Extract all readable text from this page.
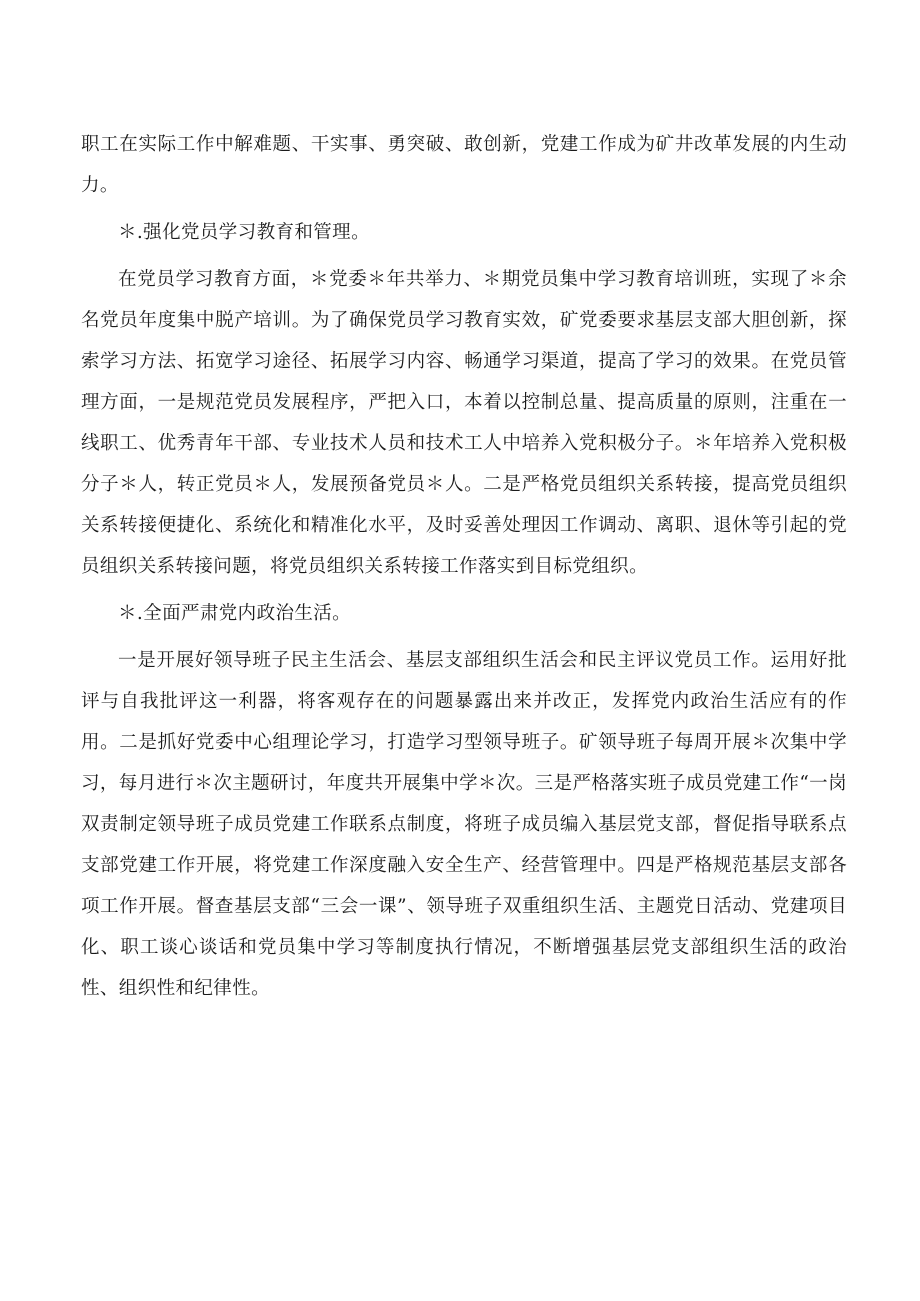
职工在实际工作中解难题、干实事、勇突破、敢创新，党建工作成为矿井改革发展的内生动力。

＊.强化党员学习教育和管理。

在党员学习教育方面，＊党委＊年共举力、＊期党员集中学习教育培训班，实现了＊余名党员年度集中脱产培训。为了确保党员学习教育实效，矿党委要求基层支部大胆创新，探索学习方法、拓宽学习途径、拓展学习内容、畅通学习渠道，提高了学习的效果。在党员管理方面，一是规范党员发展程序，严把入口，本着以控制总量、提高质量的原则，注重在一线职工、优秀青年干部、专业技术人员和技术工人中培养入党积极分子。＊年培养入党积极分子＊人，转正党员＊人，发展预备党员＊人。二是严格党员组织关系转接，提高党员组织关系转接便捷化、系统化和精准化水平，及时妥善处理因工作调动、离职、退休等引起的党员组织关系转接问题，将党员组织关系转接工作落实到目标党组织。

＊.全面严肃党内政治生活。

一是开展好领导班子民主生活会、基层支部组织生活会和民主评议党员工作。运用好批评与自我批评这一利器，将客观存在的问题暴露出来并改正，发挥党内政治生活应有的作用。二是抓好党委中心组理论学习，打造学习型领导班子。矿领导班子每周开展＊次集中学习，每月进行＊次主题研讨，年度共开展集中学＊次。三是严格落实班子成员党建工作“一岗双责制定领导班子成员党建工作联系点制度，将班子成员编入基层党支部，督促指导联系点支部党建工作开展，将党建工作深度融入安全生产、经营管理中。四是严格规范基层支部各项工作开展。督查基层支部“三会一课”、领导班子双重组织生活、主题党日活动、党建项目化、职工谈心谈话和党员集中学习等制度执行情况，不断增强基层党支部组织生活的政治性、组织性和纪律性。
